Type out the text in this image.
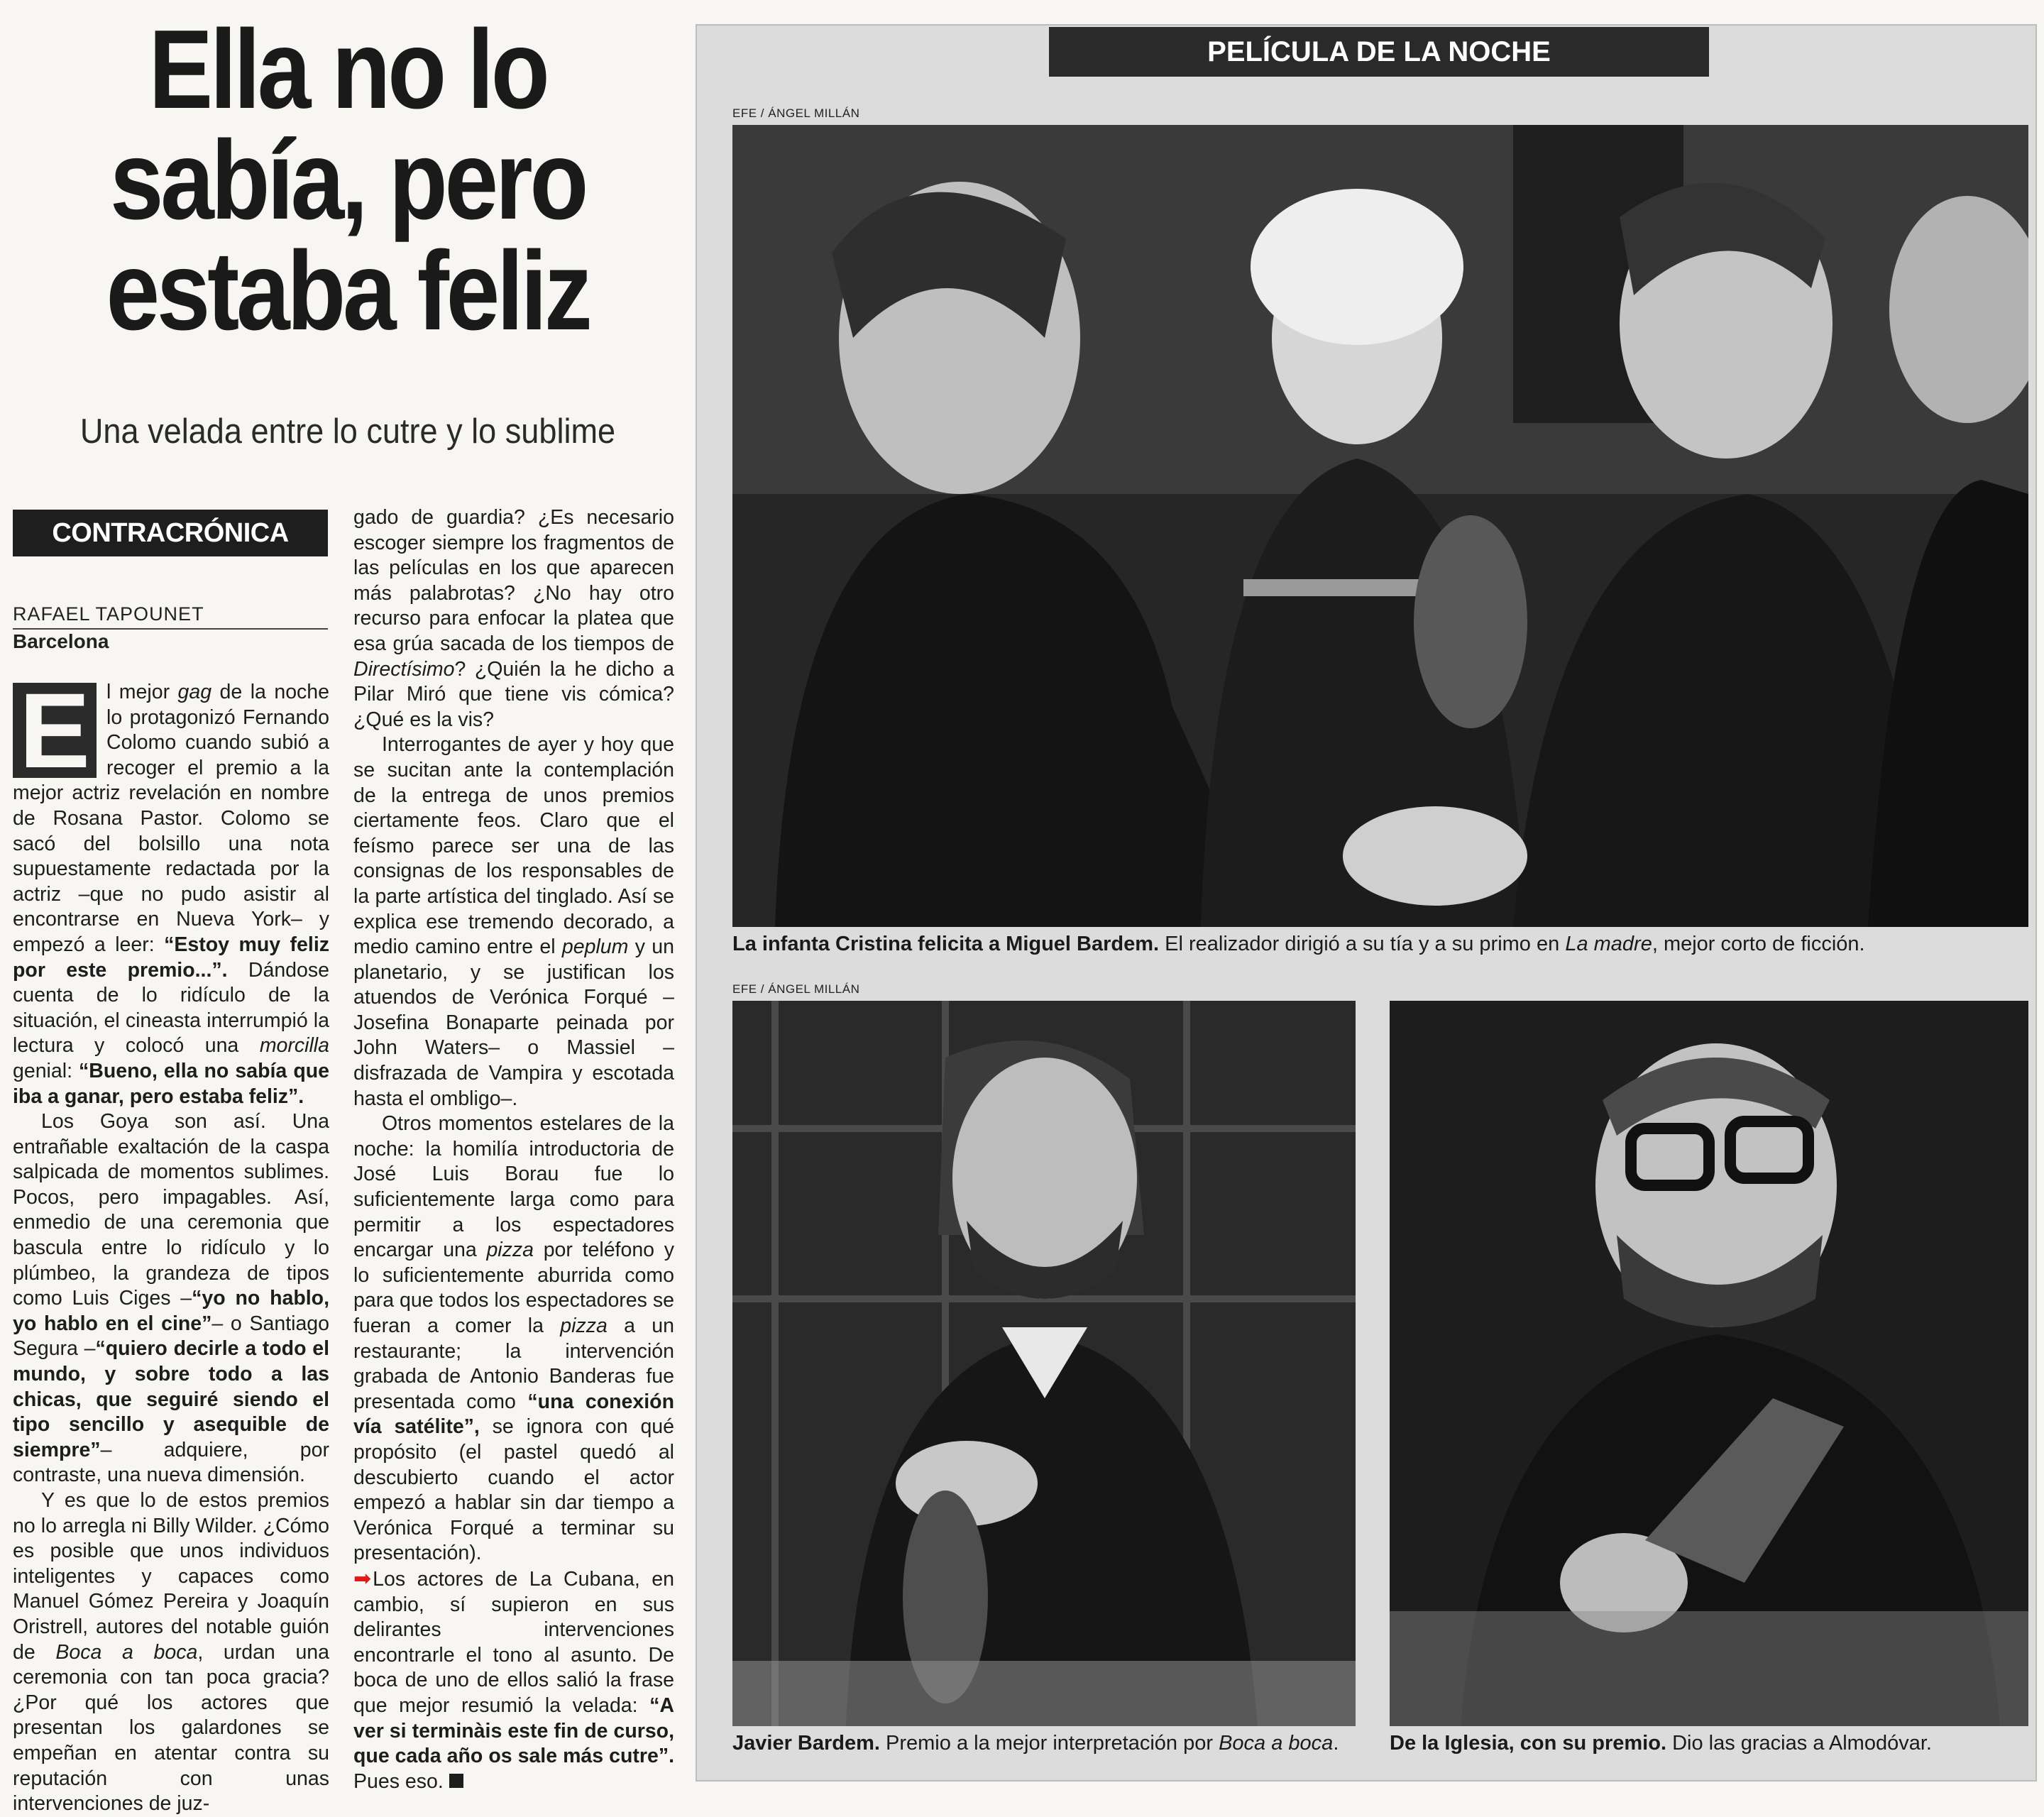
Ella no lo sabía, pero estaba feliz
Una velada entre lo cutre y lo sublime
CONTRACRÓNICA
RAFAEL TAPOUNET
Barcelona

E l mejor gag de la noche lo protagonizó Fernando Colomo cuando subió a recoger el premio a la mejor actriz revelación en nombre de Rosana Pastor. Colomo se sacó del bolsillo una nota supuestamente redactada por la actriz –que no pudo asistir al encontrarse en Nueva York– y empezó a leer: “Estoy muy feliz por este premio...”. Dándose cuenta de lo ridículo de la situación, el cineasta interrumpió la lectura y colocó una morcilla genial: “Bueno, ella no sabía que iba a ganar, pero estaba feliz”.

Los Goya son así. Una entrañable exaltación de la caspa salpicada de momentos sublimes. Pocos, pero impagables. Así, enmedio de una ceremonia que bascula entre lo ridículo y lo plúmbeo, la grandeza de tipos como Luis Ciges –“yo no hablo, yo hablo en el cine”– o Santiago Segura –“quiero decirle a todo el mundo, y sobre todo a las chicas, que seguiré siendo el tipo sencillo y asequible de siempre”– adquiere, por contraste, una nueva dimensión.

Y es que lo de estos premios no lo arregla ni Billy Wilder. ¿Cómo es posible que unos individuos inteligentes y capaces como Manuel Gómez Pereira y Joaquín Oristrell, autores del notable guión de Boca a boca, urdan una ceremonia con tan poca gracia? ¿Por qué los actores que presentan los galardones se empeñan en atentar contra su reputación con unas intervenciones de juz-

gado de guardia? ¿Es necesario escoger siempre los fragmentos de las películas en los que aparecen más palabrotas? ¿No hay otro recurso para enfocar la platea que esa grúa sacada de los tiempos de Directísimo? ¿Quién la he dicho a Pilar Miró que tiene vis cómica? ¿Qué es la vis?

Interrogantes de ayer y hoy que se sucitan ante la contemplación de la entrega de unos premios ciertamente feos. Claro que el feísmo parece ser una de las consignas de los responsables de la parte artística del tinglado. Así se explica ese tremendo decorado, a medio camino entre el peplum y un planetario, y se justifican los atuendos de Verónica Forqué –Josefina Bonaparte peinada por John Waters– o Massiel –disfrazada de Vampira y escotada hasta el ombligo–.

Otros momentos estelares de la noche: la homilía introductoria de José Luis Borau fue lo suficientemente larga como para permitir a los espectadores encargar una pizza por teléfono y lo suficientemente aburrida como para que todos los espectadores se fueran a comer la pizza a un restaurante; la intervención grabada de Antonio Banderas fue presentada como “una conexión vía satélite”, se ignora con qué propósito (el pastel quedó al descubierto cuando el actor empezó a hablar sin dar tiempo a Verónica Forqué a terminar su presentación).

➡Los actores de La Cubana, en cambio, sí supieron en sus delirantes intervenciones encontrarle el tono al asunto. De boca de uno de ellos salió la frase que mejor resumió la velada: “A ver si terminàis este fin de curso, que cada año os sale más cutre”. Pues eso.

PELÍCULA DE LA NOCHE
EFE / ÁNGEL MILLÁN
La infanta Cristina felicita a Miguel Bardem. El realizador dirigió a su tía y a su primo en La madre, mejor corto de ficción.
EFE / ÁNGEL MILLÁN
Javier Bardem. Premio a la mejor interpretación por Boca a boca. De la Iglesia, con su premio. Dio las gracias a Almodóvar.
